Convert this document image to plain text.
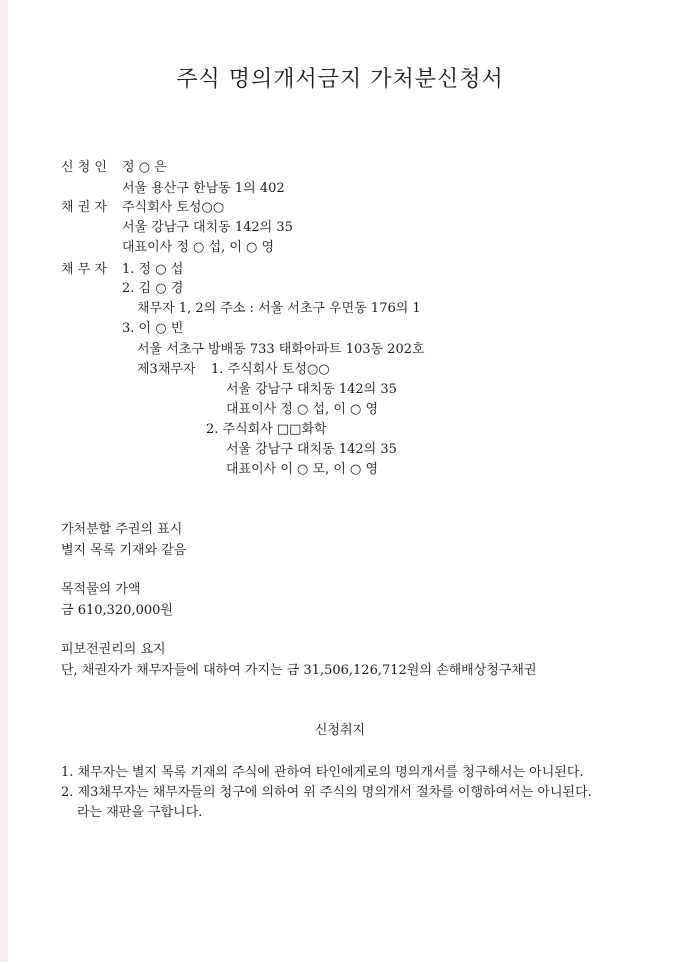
주식 명의개서금지 가처분신청서
신 청 인 정 ○ 은
서울 용산구 한남동 1의 402
채 권 자 주식회사 토성○○
서울 강남구 대치동 142의 35
대표이사 정 ○ 섭, 이 ○ 영
채 무 자 1. 정 ○ 섭
2. 김 ○ 경
채무자 1, 2의 주소 : 서울 서초구 우면동 176의 1
3. 이 ○ 빈
서울 서초구 방배동 733 태화아파트 103동 202호
제3채무자 1. 주식회사 토성○○
서울 강남구 대치동 142의 35
대표이사 정 ○ 섭, 이 ○ 영
2. 주식회사 □□화학
서울 강남구 대치동 142의 35
대표이사 이 ○ 모, 이 ○ 영
가처분할 주권의 표시
별지 목록 기재와 같음
목적물의 가액
금 610,320,000원
피보전권리의 요지
단, 채권자가 채무자들에 대하여 가지는 금 31,506,126,712원의 손해배상청구채권
신청취지
1. 채무자는 별지 목록 기재의 주식에 관하여 타인에게로의 명의개서를 청구해서는 아니된다.
2. 제3채무자는 채무자들의 청구에 의하여 위 주식의 명의개서 절차를 이행하여서는 아니된다.
라는 재판을 구합니다.
